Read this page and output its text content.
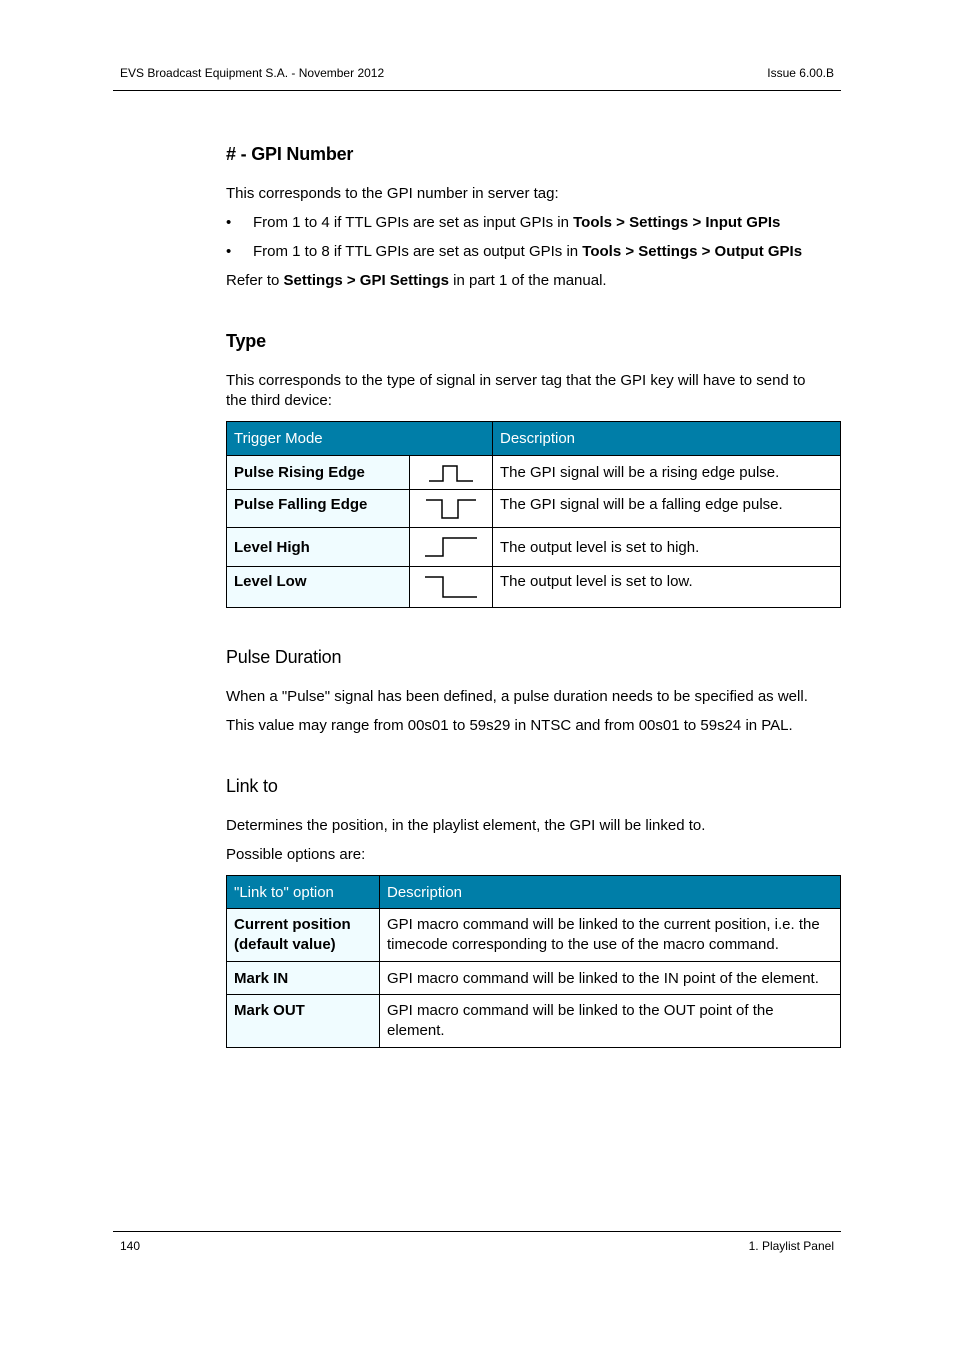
EVS Broadcast Equipment S.A. - November 2012	Issue 6.00.B
# - GPI Number

This corresponds to the GPI number in server tag:

• From 1 to 4 if TTL GPIs are set as input GPIs in Tools > Settings > Input GPIs
• From 1 to 8 if TTL GPIs are set as output GPIs in Tools > Settings > Output GPIs

Refer to Settings > GPI Settings in part 1 of the manual.

Type

This corresponds to the type of signal in server tag that the GPI key will have to send to
the third device:

Trigger Mode		Description
Pulse Rising Edge		The GPI signal will be a rising edge pulse.
Pulse Falling Edge		The GPI signal will be a falling edge pulse.
Level High		The output level is set to high.
Level Low		The output level is set to low.
Pulse Duration

When a "Pulse" signal has been defined, a pulse duration needs to be specified as well.

This value may range from 00s01 to 59s29 in NTSC and from 00s01 to 59s24 in PAL.

Link to

Determines the position, in the playlist element, the GPI will be linked to.

Possible options are:

"Link to" option	Description
Current position
(default value)	GPI macro command will be linked to the current position, i.e. the
timecode corresponding to the use of the macro command.
Mark IN	GPI macro command will be linked to the IN point of the element.
Mark OUT	GPI macro command will be linked to the OUT point of the
element.
140	1. Playlist Panel
